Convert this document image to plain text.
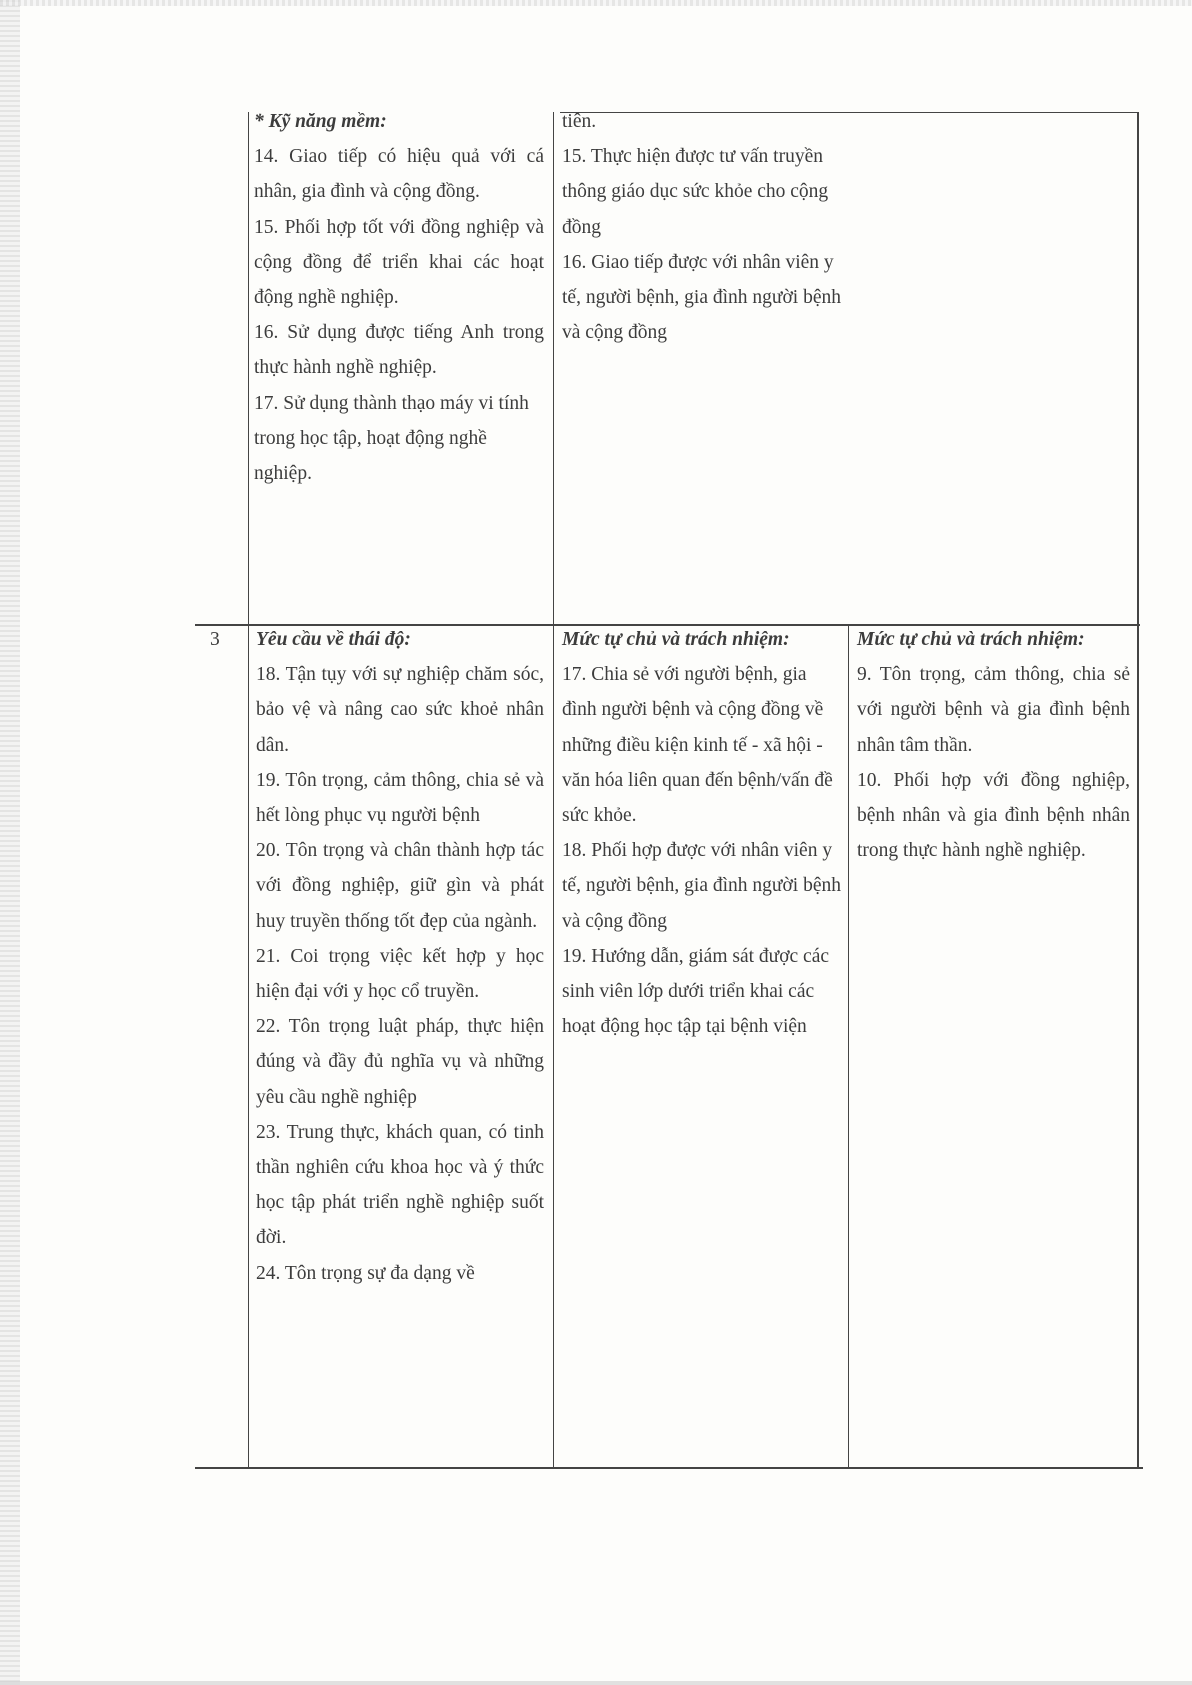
* Kỹ năng mềm:

14. Giao tiếp có hiệu quả với cá nhân, gia đình và cộng đồng.

15. Phối hợp tốt với đồng nghiệp và cộng đồng để triển khai các hoạt động nghề nghiệp.

16. Sử dụng được tiếng Anh trong thực hành nghề nghiệp.

17. Sử dụng thành thạo máy vi tính trong học tập, hoạt động nghề nghiệp.

tiên.

15. Thực hiện được tư vấn truyền thông giáo dục sức khỏe cho cộng đồng

16. Giao tiếp được với nhân viên y tế, người bệnh, gia đình người bệnh và cộng đồng

3 Yêu cầu về thái độ:

18. Tận tụy với sự nghiệp chăm sóc, bảo vệ và nâng cao sức khoẻ nhân dân.

19. Tôn trọng, cảm thông, chia sẻ và hết lòng phục vụ người bệnh

20. Tôn trọng và chân thành hợp tác với đồng nghiệp, giữ gìn và phát huy truyền thống tốt đẹp của ngành.

21. Coi trọng việc kết hợp y học hiện đại với y học cổ truyền.

22. Tôn trọng luật pháp, thực hiện đúng và đầy đủ nghĩa vụ và những yêu cầu nghề nghiệp

23. Trung thực, khách quan, có tinh thần nghiên cứu khoa học và ý thức học tập phát triển nghề nghiệp suốt đời.

24. Tôn trọng sự đa dạng về

Mức tự chủ và trách nhiệm:

17. Chia sẻ với người bệnh, gia đình người bệnh và cộng đồng về những điều kiện kinh tế - xã hội - văn hóa liên quan đến bệnh/vấn đề sức khỏe.

18. Phối hợp được với nhân viên y tế, người bệnh, gia đình người bệnh và cộng đồng

19. Hướng dẫn, giám sát được các sinh viên lớp dưới triển khai các hoạt động học tập tại bệnh viện

Mức tự chủ và trách nhiệm:

9. Tôn trọng, cảm thông, chia sẻ với người bệnh và gia đình bệnh nhân tâm thần.

10. Phối hợp với đồng nghiệp, bệnh nhân và gia đình bệnh nhân trong thực hành nghề nghiệp.
